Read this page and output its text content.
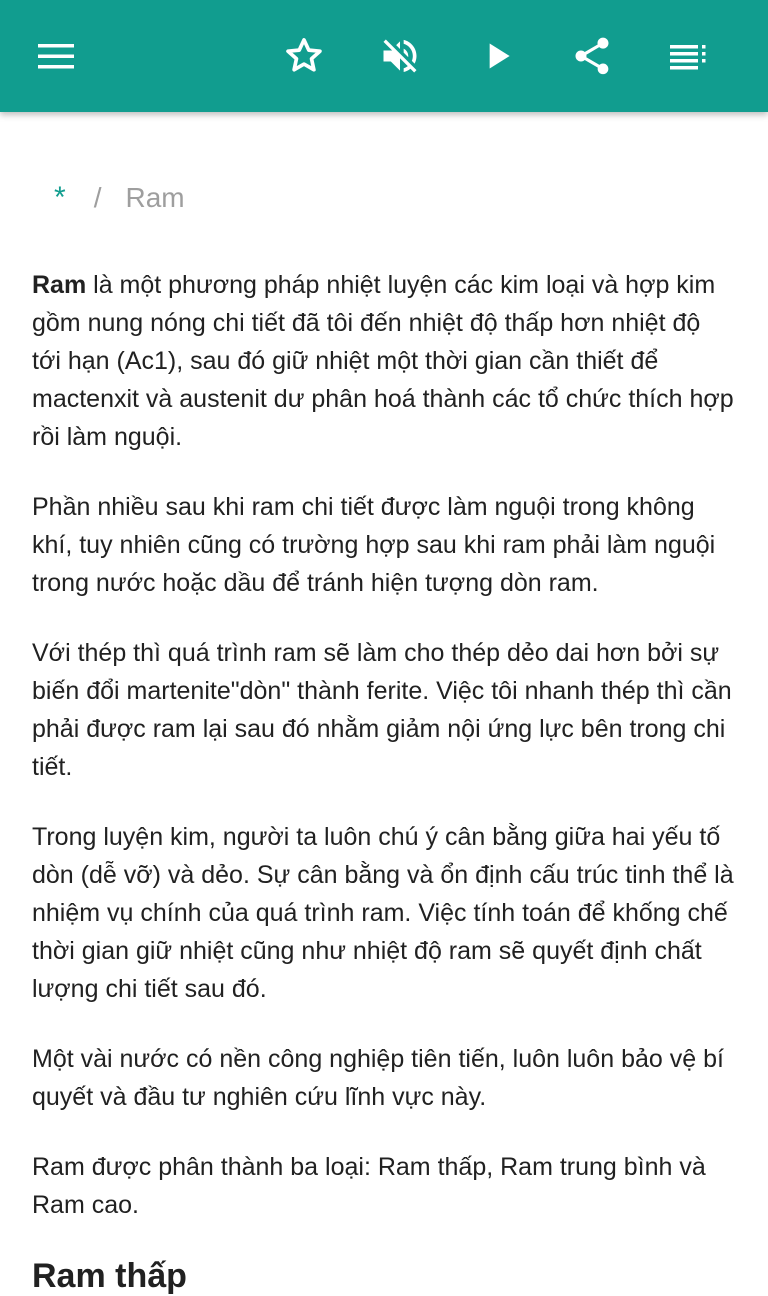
* / Ram

Ram là một phương pháp nhiệt luyện các kim loại và hợp kim gồm nung nóng chi tiết đã tôi đến nhiệt độ thấp hơn nhiệt độ tới hạn (Ac1), sau đó giữ nhiệt một thời gian cần thiết để mactenxit và austenit dư phân hoá thành các tổ chức thích hợp rồi làm nguội.

Phần nhiều sau khi ram chi tiết được làm nguội trong không khí, tuy nhiên cũng có trường hợp sau khi ram phải làm nguội trong nước hoặc dầu để tránh hiện tượng dòn ram.

Với thép thì quá trình ram sẽ làm cho thép dẻo dai hơn bởi sự biến đổi martenite"dòn" thành ferite. Việc tôi nhanh thép thì cần phải được ram lại sau đó nhằm giảm nội ứng lực bên trong chi tiết.

Trong luyện kim, người ta luôn chú ý cân bằng giữa hai yếu tố dòn (dễ vỡ) và dẻo. Sự cân bằng và ổn định cấu trúc tinh thể là nhiệm vụ chính của quá trình ram. Việc tính toán để khống chế thời gian giữ nhiệt cũng như nhiệt độ ram sẽ quyết định chất lượng chi tiết sau đó.

Một vài nước có nền công nghiệp tiên tiến, luôn luôn bảo vệ bí quyết và đầu tư nghiên cứu lĩnh vực này.

Ram được phân thành ba loại: Ram thấp, Ram trung bình và Ram cao.

Ram thấp
